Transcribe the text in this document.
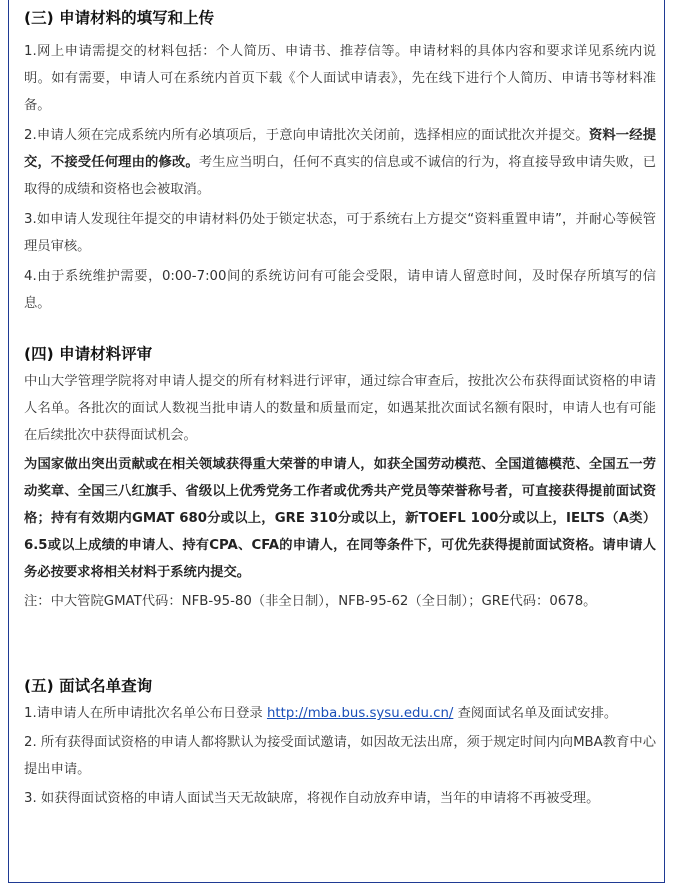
(三) 申请材料的填写和上传

1.网上申请需提交的材料包括：个人简历、申请书、推荐信等。申请材料的具体内容和要求详见系统内说明。如有需要，申请人可在系统内首页下载《个人面试申请表》，先在线下进行个人简历、申请书等材料准备。

2.申请人须在完成系统内所有必填项后，于意向申请批次关闭前，选择相应的面试批次并提交。资料一经提交，不接受任何理由的修改。考生应当明白，任何不真实的信息或不诚信的行为，将直接导致申请失败，已取得的成绩和资格也会被取消。

3.如申请人发现往年提交的申请材料仍处于锁定状态，可于系统右上方提交“资料重置申请”，并耐心等候管理员审核。

4.由于系统维护需要，0:00-7:00间的系统访问有可能会受限，请申请人留意时间，及时保存所填写的信息。

(四) 申请材料评审

中山大学管理学院将对申请人提交的所有材料进行评审，通过综合审查后，按批次公布获得面试资格的申请人名单。各批次的面试人数视当批申请人的数量和质量而定，如遇某批次面试名额有限时，申请人也有可能在后续批次中获得面试机会。

为国家做出突出贡献或在相关领域获得重大荣誉的申请人，如获全国劳动模范、全国道德模范、全国五一劳动奖章、全国三八红旗手、省级以上优秀党务工作者或优秀共产党员等荣誉称号者，可直接获得提前面试资格；持有有效期内GMAT 680分或以上，GRE 310分或以上，新TOEFL 100分或以上，IELTS（A类）6.5或以上成绩的申请人、持有CPA、CFA的申请人，在同等条件下，可优先获得提前面试资格。请申请人务必按要求将相关材料于系统内提交。

注：中大管院GMAT代码：NFB-95-80（非全日制），NFB-95-62（全日制）；GRE代码：0678。

(五) 面试名单查询

1.请申请人在所申请批次名单公布日登录 http://mba.bus.sysu.edu.cn/ 查阅面试名单及面试安排。

2. 所有获得面试资格的申请人都将默认为接受面试邀请，如因故无法出席，须于规定时间内向MBA教育中心提出申请。

3. 如获得面试资格的申请人面试当天无故缺席，将视作自动放弃申请，当年的申请将不再被受理。
